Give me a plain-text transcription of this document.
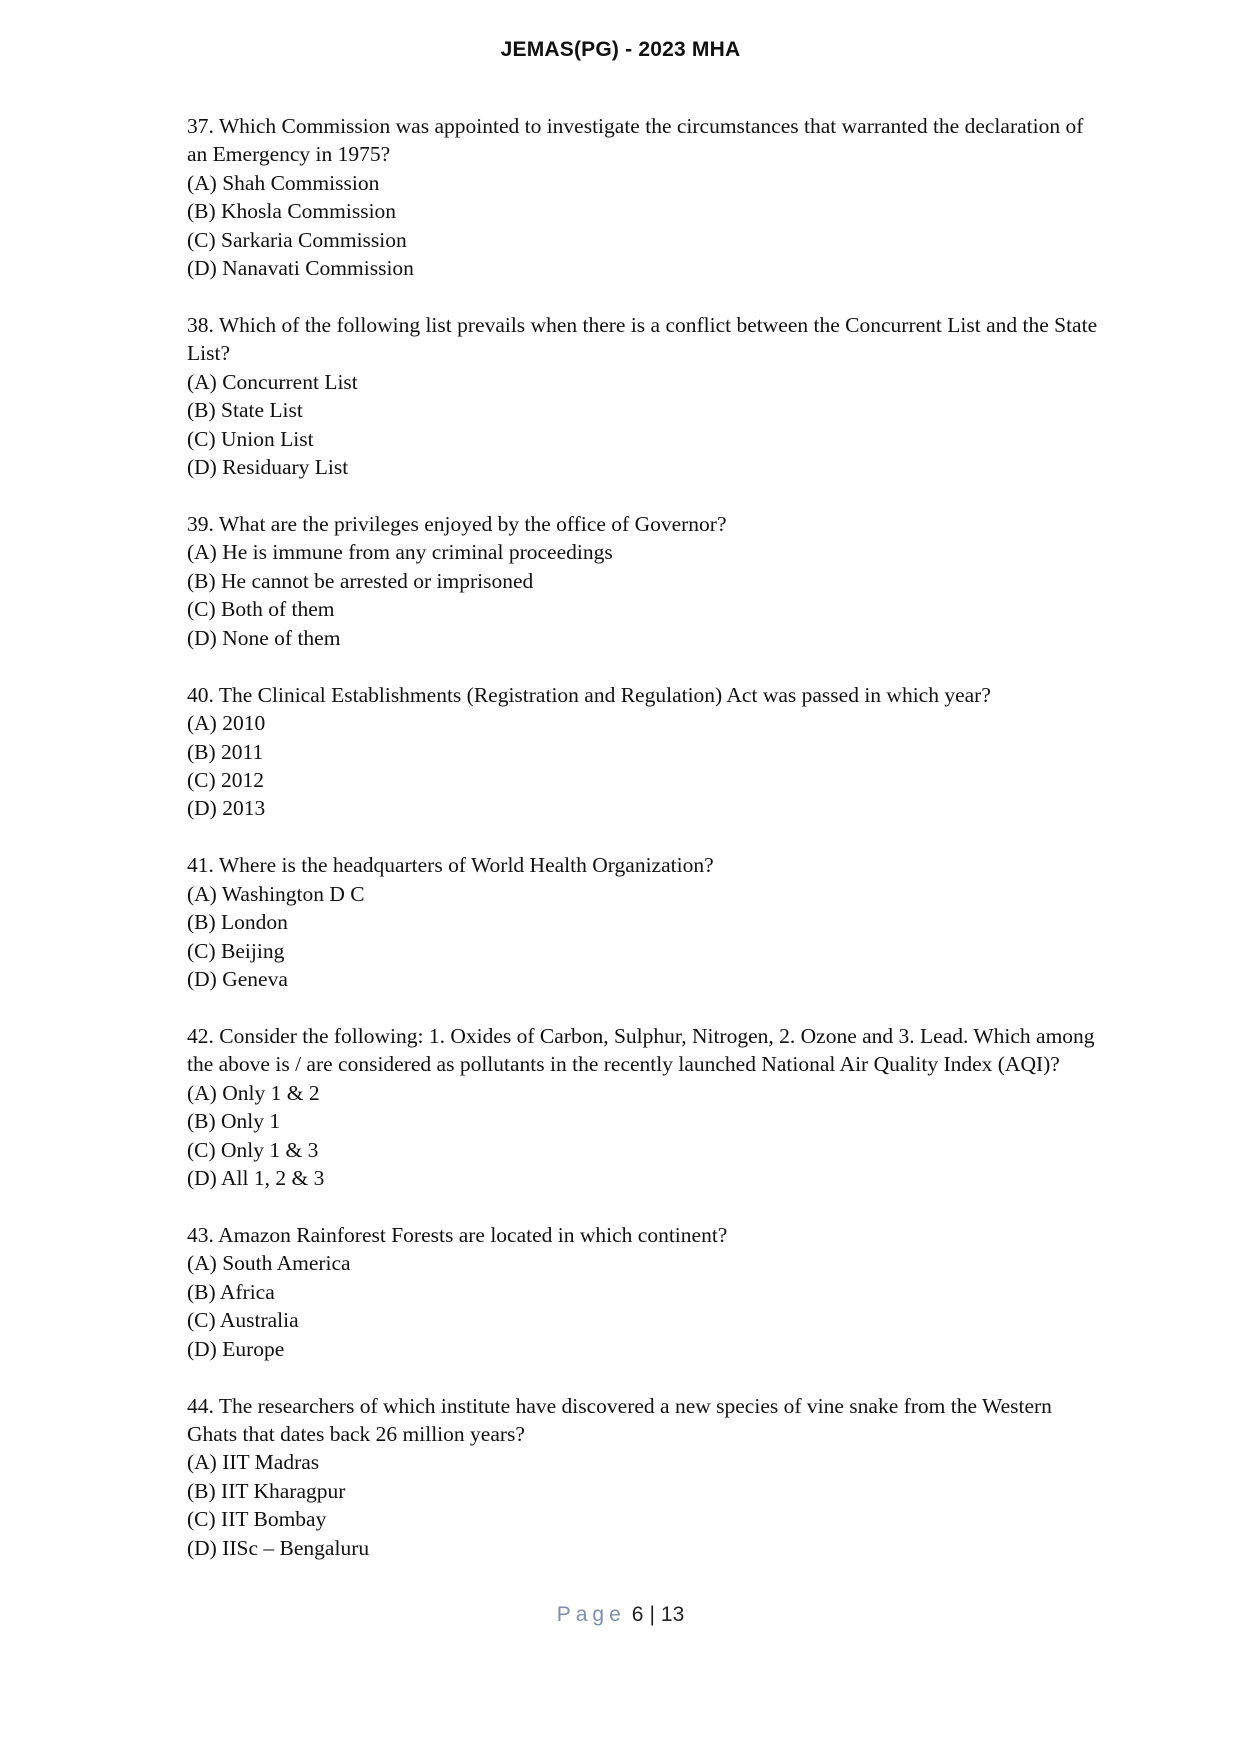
JEMAS(PG) - 2023 MHA

37. Which Commission was appointed to investigate the circumstances that warranted the declaration of an Emergency in 1975?

(A) Shah Commission

(B) Khosla Commission

(C) Sarkaria Commission

(D) Nanavati Commission

38. Which of the following list prevails when there is a conflict between the Concurrent List and the State List?

(A) Concurrent List

(B) State List

(C) Union List

(D) Residuary List

39. What are the privileges enjoyed by the office of Governor?

(A) He is immune from any criminal proceedings

(B) He cannot be arrested or imprisoned

(C) Both of them

(D) None of them

40. The Clinical Establishments (Registration and Regulation) Act was passed in which year?

(A) 2010

(B) 2011

(C) 2012

(D) 2013

41. Where is the headquarters of World Health Organization?

(A) Washington D C

(B) London

(C) Beijing

(D) Geneva

42. Consider the following: 1. Oxides of Carbon, Sulphur, Nitrogen, 2. Ozone and 3. Lead. Which among the above is / are considered as pollutants in the recently launched National Air Quality Index (AQI)?

(A) Only 1 & 2

(B) Only 1

(C) Only 1 & 3

(D) All 1, 2 & 3

43. Amazon Rainforest Forests are located in which continent?

(A) South America

(B) Africa

(C) Australia

(D) Europe

44. The researchers of which institute have discovered a new species of vine snake from the Western Ghats that dates back 26 million years?

(A) IIT Madras

(B) IIT Kharagpur

(C) IIT Bombay

(D) IISc – Bengaluru

Page 6 | 13
